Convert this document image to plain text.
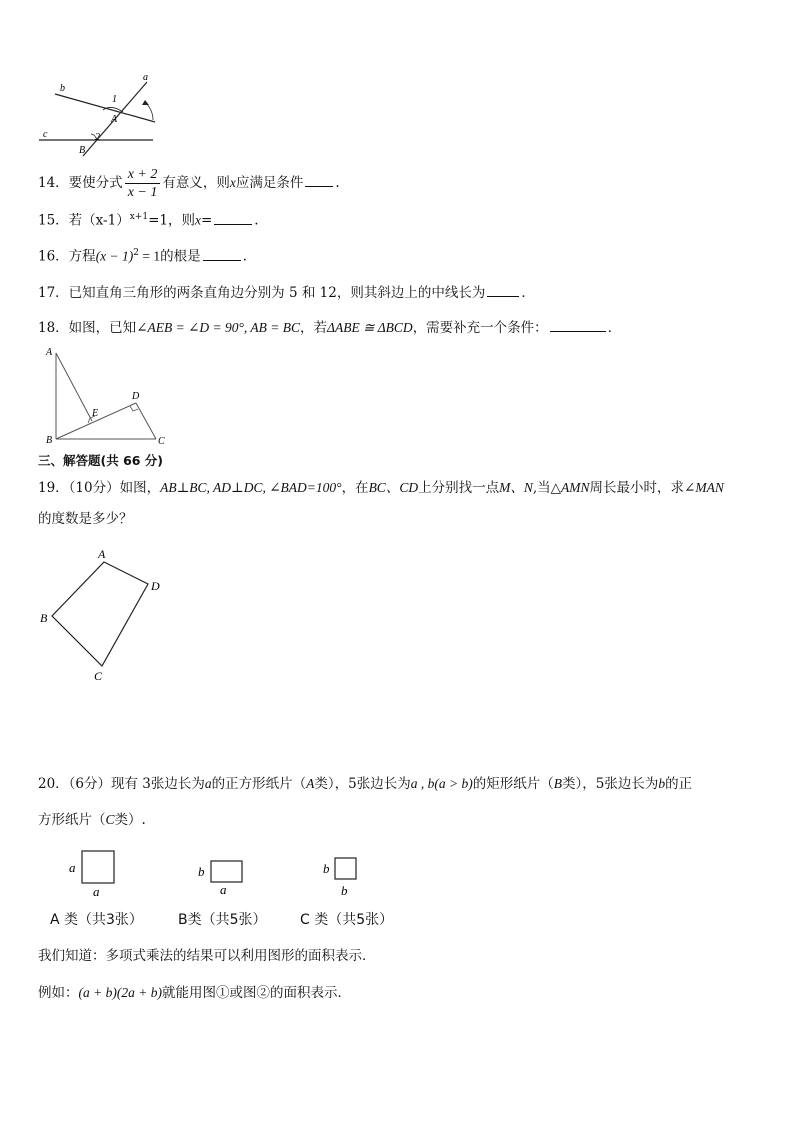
a
b
c
1
A
2
B
14．要使分式 $\frac{x + 2}{x - 1}$ 有意义，则x应满足条件 .
15．若$(x-1)^{x+1}=1$，则x=	.
16．方程$(x - 1)^2 = 1$的根是	.
17．已知直角三角形的两条直角边分别为 5 和 12，则其斜边上的中线长为	．
18．如图，已知∠AEB = ∠D = 90°, AB = BC，若ΔABE ≅ ΔBCD，需要补充一个条件：	．
A
E
D
B	C
三、解答题(共 66 分)
19．（10分）如图，AB⊥BC, AD⊥DC, ∠BAD=100°，在BC、CD上分别找一点M、N,当△AMN周长最小时，求∠MAN
的度数是多少？
A
D
B
C
20．（6分）现有 3张边长为a的正方形纸片（A类），5张边长为a , b(a > b)的矩形纸片（B类），5张边长为b的正
方形纸片（C类）.
a
a
b
a
b
b
A 类（共3张）	B类（共5张） C 类（共5张）
我们知道：多项式乘法的结果可以利用图形的面积表示．
例如：(a + b)(2a + b)就能用图①或图②的面积表示．
